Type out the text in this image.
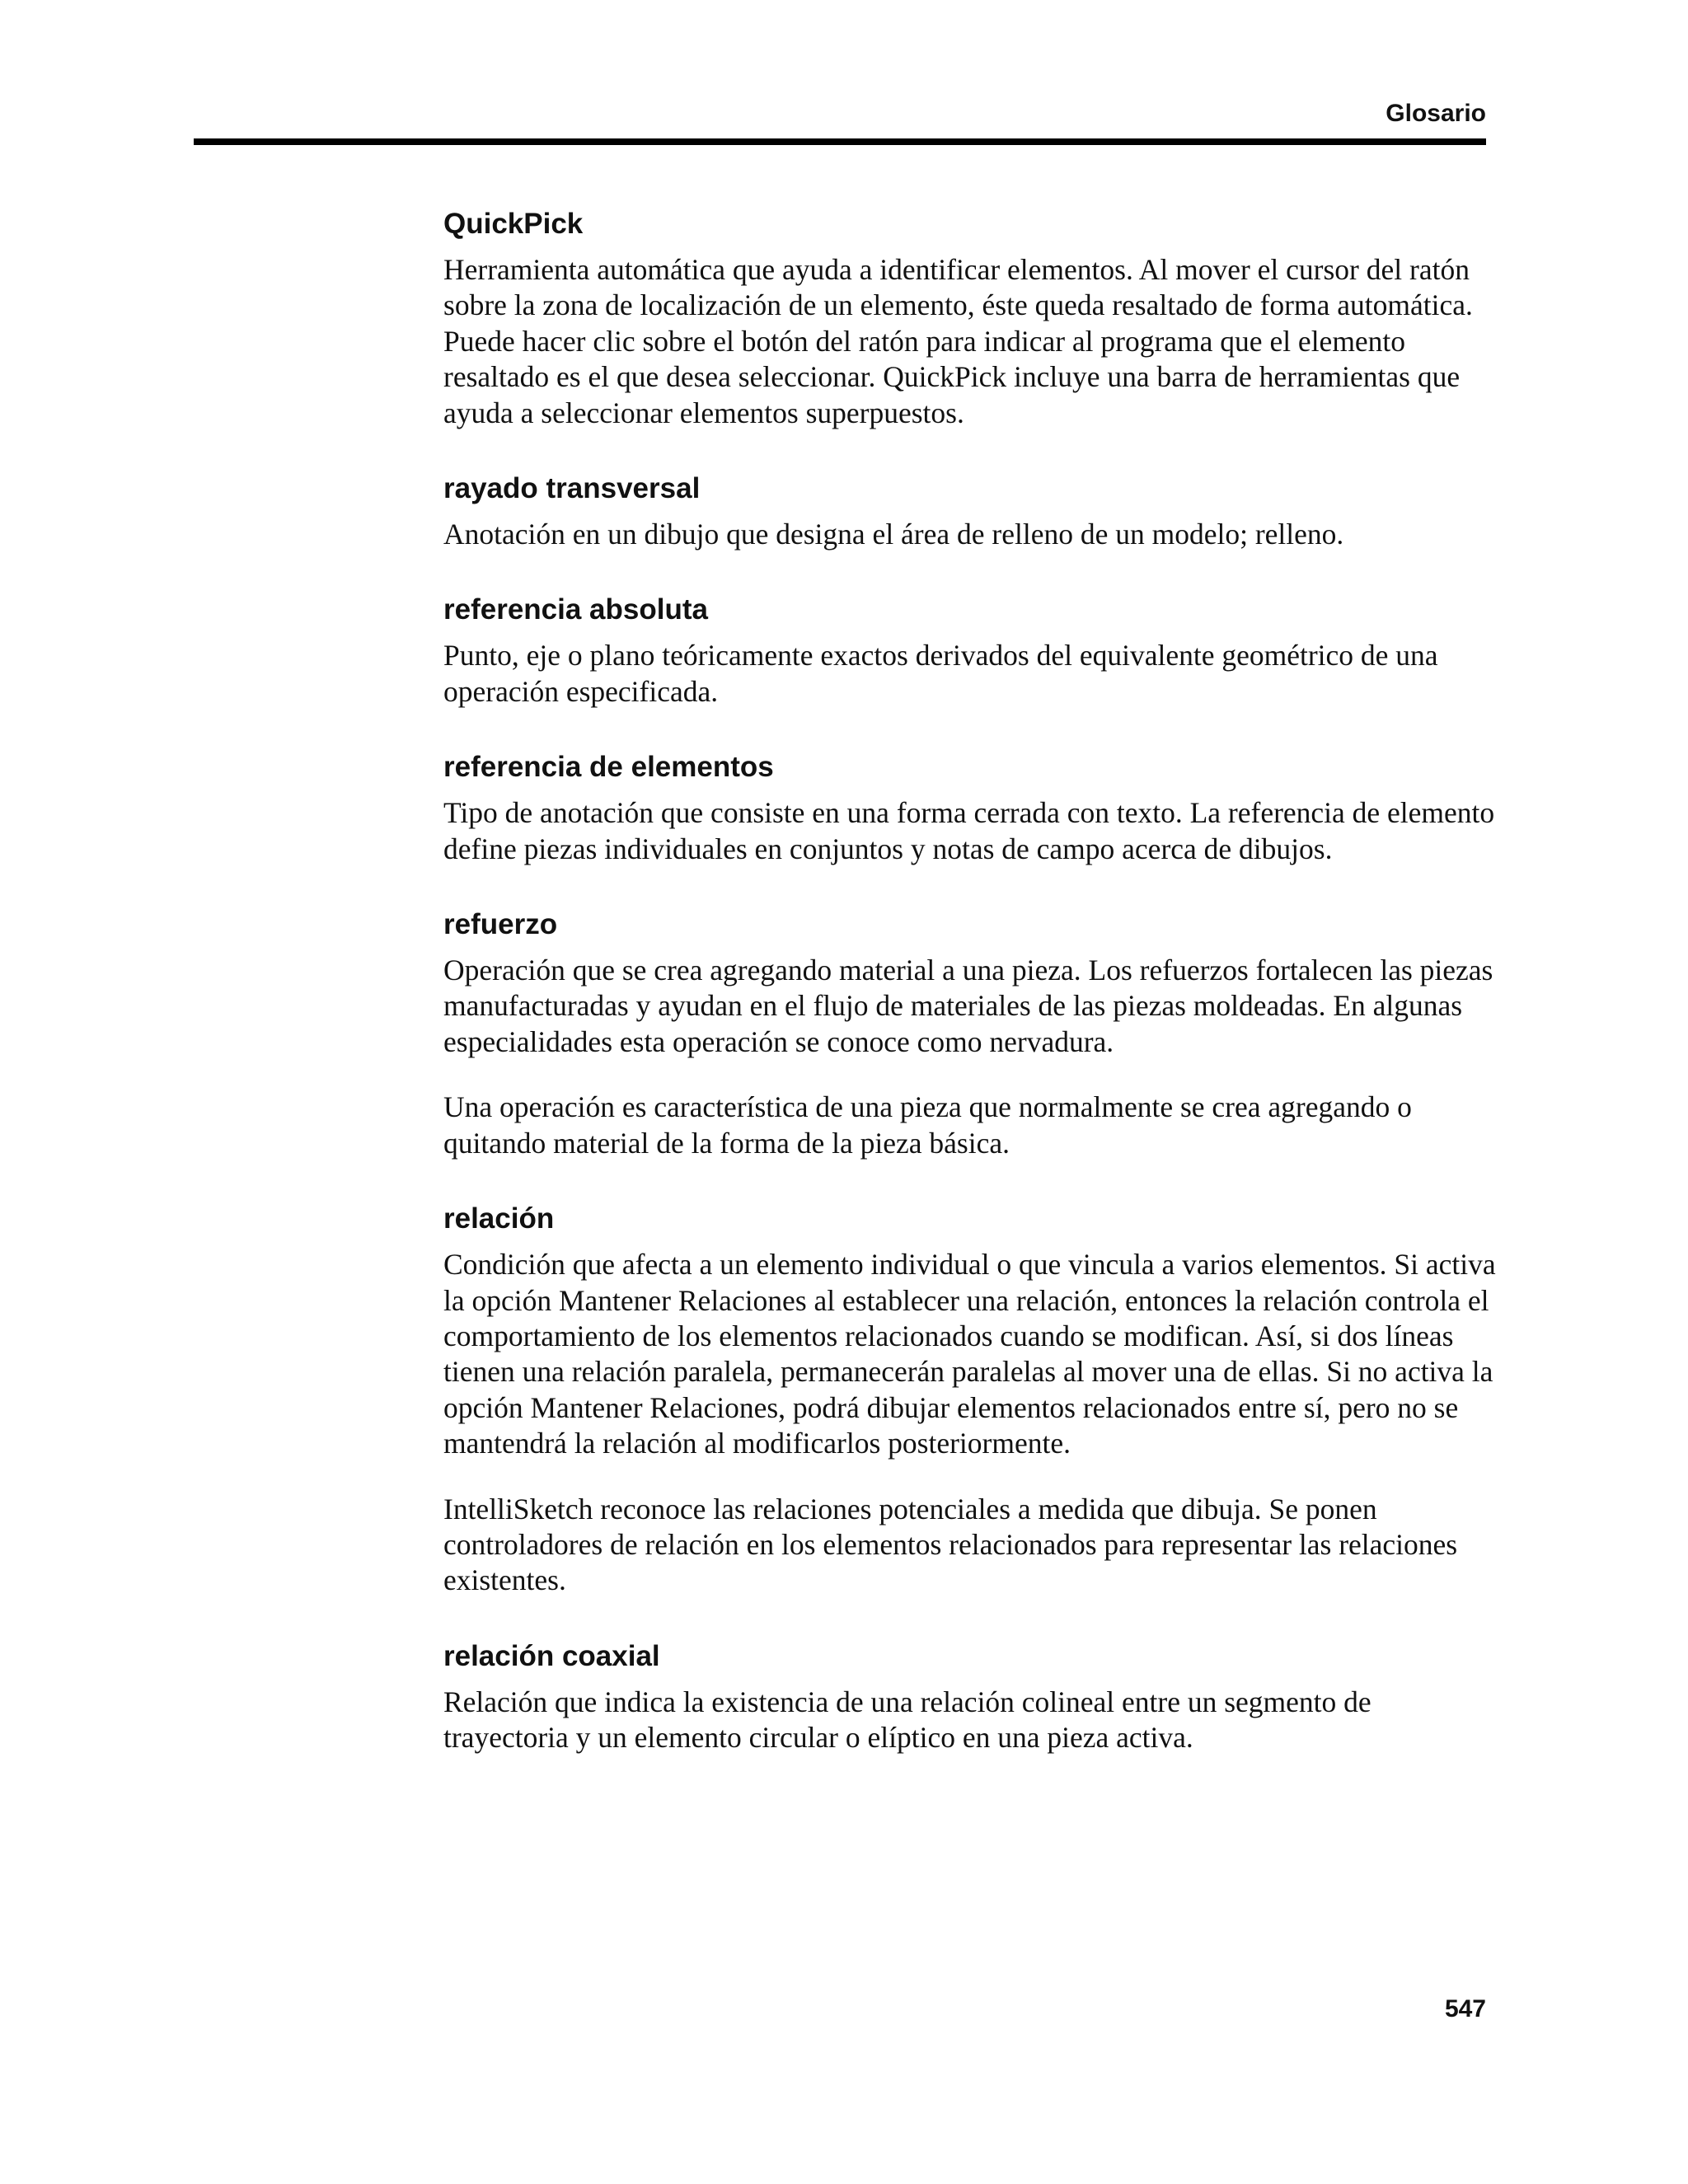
Glosario
QuickPick

Herramienta automática que ayuda a identificar elementos. Al mover el cursor del ratón sobre la zona de localización de un elemento, éste queda resaltado de forma automática. Puede hacer clic sobre el botón del ratón para indicar al programa que el elemento resaltado es el que desea seleccionar. QuickPick incluye una barra de herramientas que ayuda a seleccionar elementos superpuestos.

rayado transversal

Anotación en un dibujo que designa el área de relleno de un modelo; relleno.

referencia absoluta

Punto, eje o plano teóricamente exactos derivados del equivalente geométrico de una operación especificada.

referencia de elementos

Tipo de anotación que consiste en una forma cerrada con texto. La referencia de elemento define piezas individuales en conjuntos y notas de campo acerca de dibujos.

refuerzo

Operación que se crea agregando material a una pieza. Los refuerzos fortalecen las piezas manufacturadas y ayudan en el flujo de materiales de las piezas moldeadas. En algunas especialidades esta operación se conoce como nervadura.

Una operación es característica de una pieza que normalmente se crea agregando o quitando material de la forma de la pieza básica.

relación

Condición que afecta a un elemento individual o que vincula a varios elementos. Si activa la opción Mantener Relaciones al establecer una relación, entonces la relación controla el comportamiento de los elementos relacionados cuando se modifican. Así, si dos líneas tienen una relación paralela, permanecerán paralelas al mover una de ellas. Si no activa la opción Mantener Relaciones, podrá dibujar elementos relacionados entre sí, pero no se mantendrá la relación al modificarlos posteriormente.

IntelliSketch reconoce las relaciones potenciales a medida que dibuja. Se ponen controladores de relación en los elementos relacionados para representar las relaciones existentes.

relación coaxial

Relación que indica la existencia de una relación colineal entre un segmento de trayectoria y un elemento circular o elíptico en una pieza activa.

547
